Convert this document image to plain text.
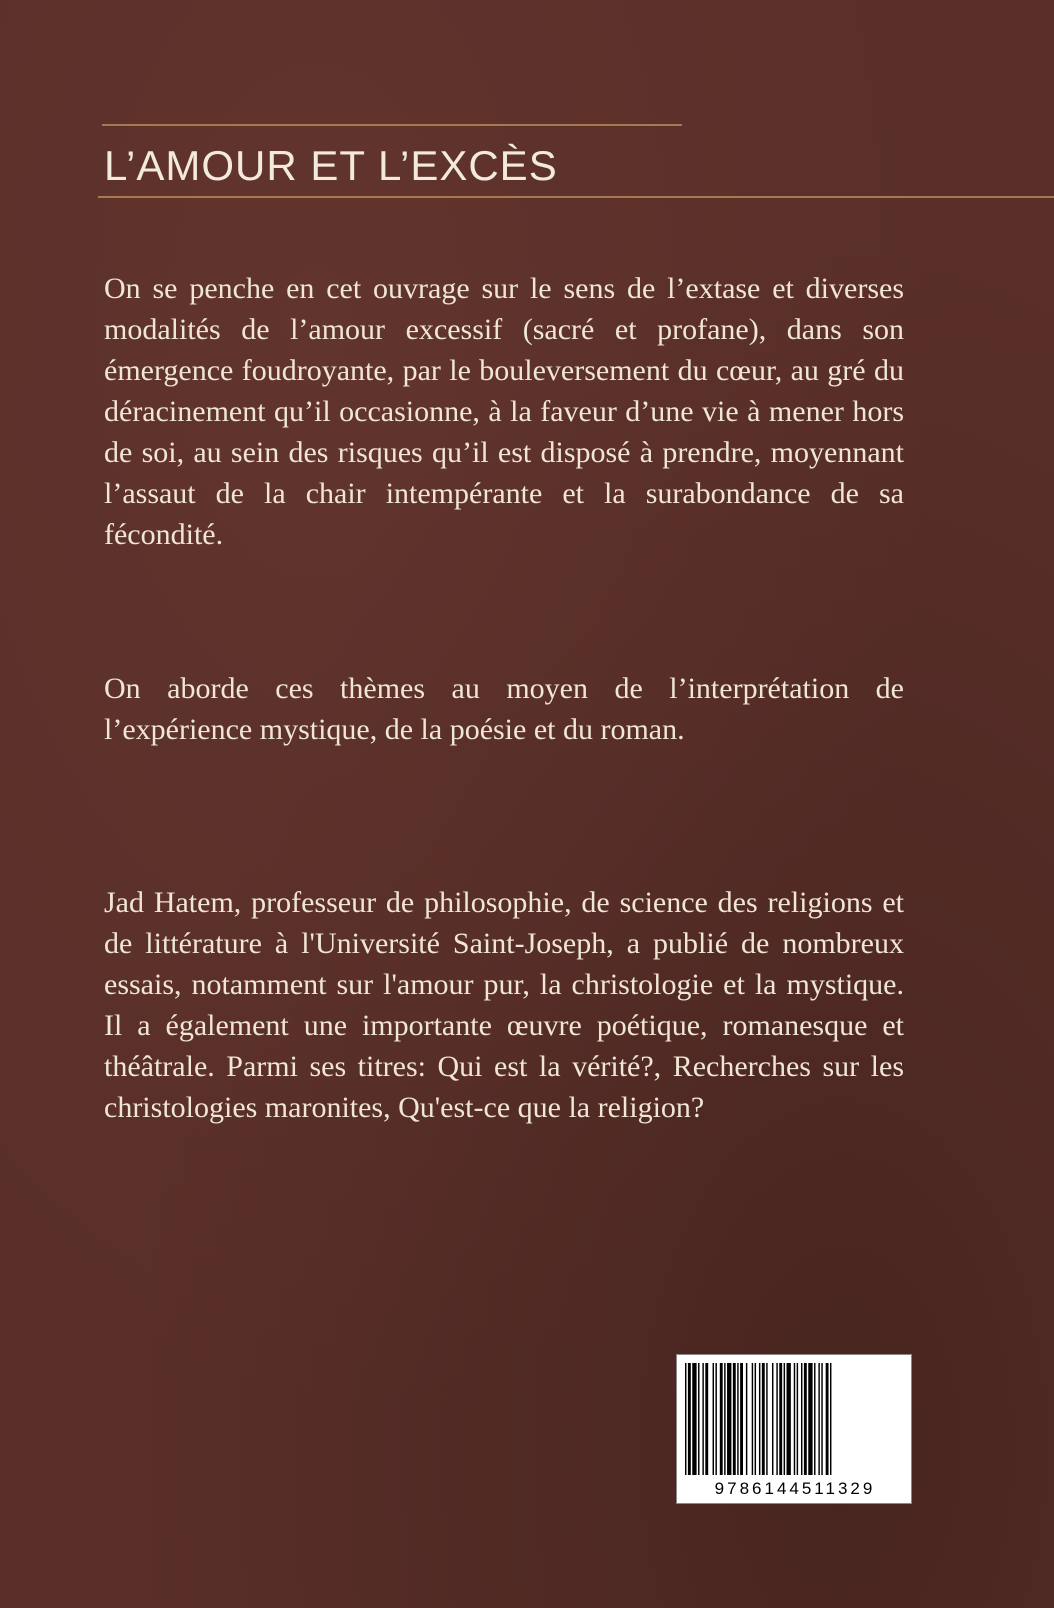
L’AMOUR ET L’EXCÈS

On se penche en cet ouvrage sur le sens de l’extase et diverses modalités de l’amour excessif (sacré et profane), dans son émergence foudroyante, par le bouleversement du cœur, au gré du déracinement qu’il occasionne, à la faveur d’une vie à mener hors de soi, au sein des risques qu’il est disposé à prendre, moyennant l’assaut de la chair intempérante et la surabondance de sa fécondité.

On aborde ces thèmes au moyen de l’interprétation de l’expérience mystique, de la poésie et du roman.

Jad Hatem, professeur de philosophie, de science des religions et de littérature à l'Université Saint-Joseph, a publié de nombreux essais, notamment sur l'amour pur, la christologie et la mystique. Il a également une importante œuvre poétique, romanesque et théâtrale. Parmi ses titres: Qui est la vérité?, Recherches sur les christologies maronites, Qu'est-ce que la religion?

9786144511329
